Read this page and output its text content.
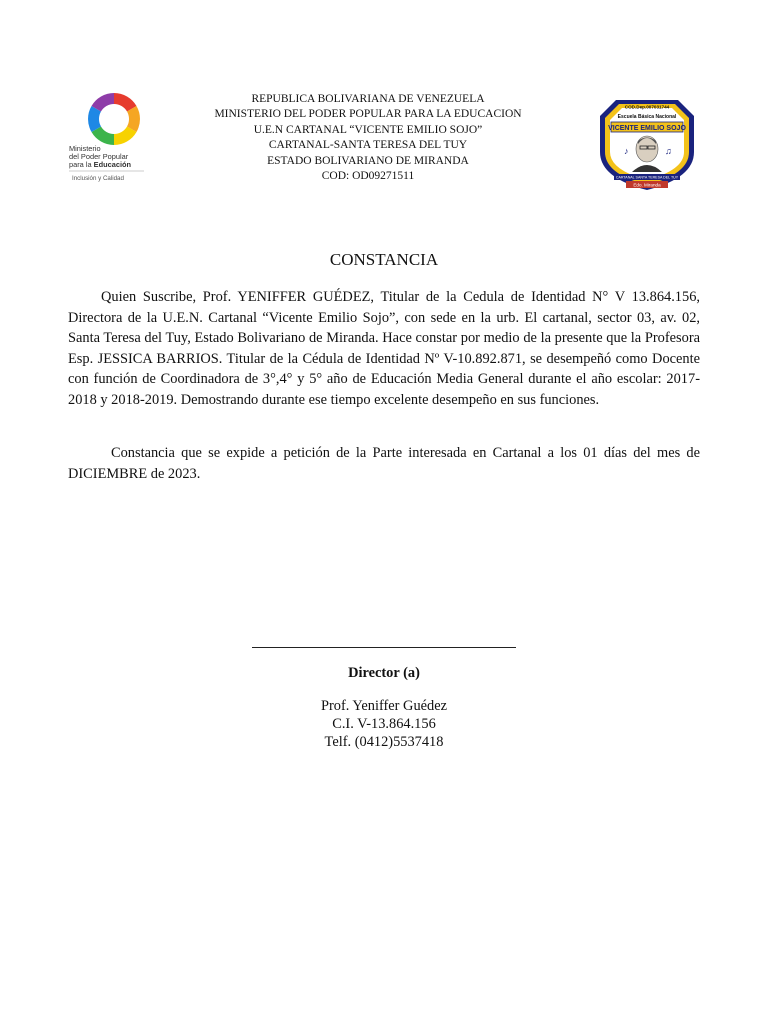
Ministerio
del Poder Popular
para la Educación
Inclusión y Calidad
REPUBLICA BOLIVARIANA DE VENEZUELA
MINISTERIO DEL PODER POPULAR PARA LA EDUCACION
U.E.N CARTANAL “VICENTE EMILIO SOJO”
CARTANAL-SANTA TERESA DEL TUY
ESTADO BOLIVARIANO DE MIRANDA
COD: OD09271511
COD.Dep.007031744
Escuela Básica Nacional
VICENTE EMILIO SOJO
♪	♫
CARTANAL SANTA TERESA DEL TUY
Edo. Miranda
CONSTANCIA
Quien Suscribe, Prof. YENIFFER GUÉDEZ, Titular de la Cedula de Identidad N° V 13.864.156, Directora de la U.E.N. Cartanal “Vicente Emilio Sojo”, con sede en la urb. El cartanal, sector 03, av. 02, Santa Teresa del Tuy, Estado Bolivariano de Miranda. Hace constar por medio de la presente que la Profesora Esp. JESSICA BARRIOS. Titular de la Cédula de Identidad Nº V-10.892.871, se desempeñó como Docente con función de Coordinadora de 3°,4° y 5° año de Educación Media General durante el año escolar: 2017-2018 y 2018-2019. Demostrando durante ese tiempo excelente desempeño en sus funciones.
Constancia que se expide a petición de la Parte interesada en Cartanal a los 01 días del mes de DICIEMBRE de 2023.
Director (a)
Prof. Yeniffer Guédez
C.I. V-13.864.156
Telf. (0412)5537418
